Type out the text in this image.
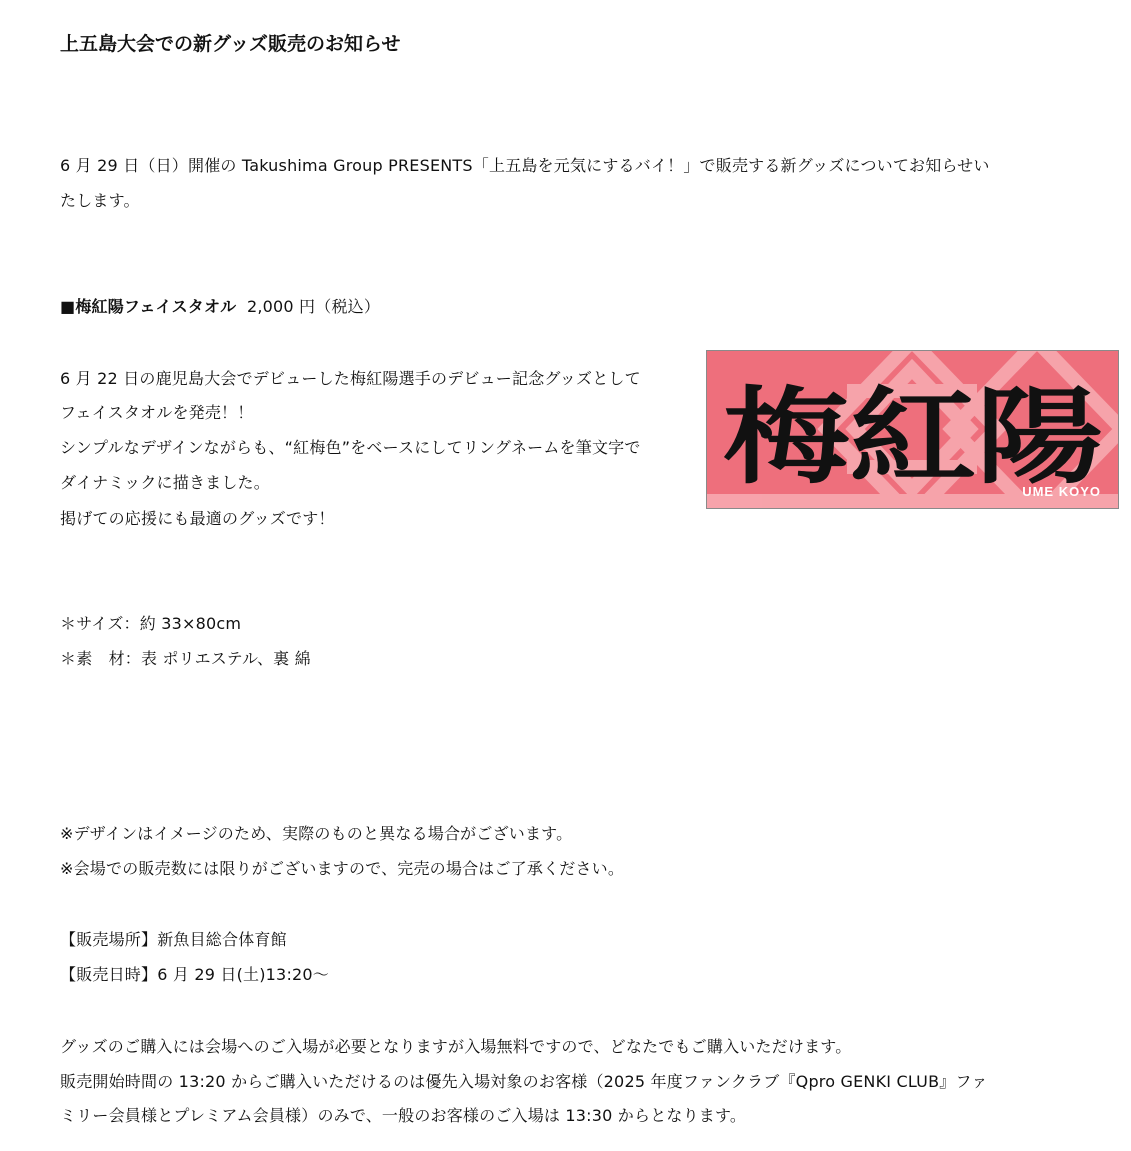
上五島大会での新グッズ販売のお知らせ
6 月 29 日（日）開催の Takushima Group PRESENTS「上五島を元気にするバイ！」で販売する新グッズについてお知らせい
たします。
■梅紅陽フェイスタオル 2,000 円（税込）
6 月 22 日の鹿児島大会でデビューした梅紅陽選手のデビュー記念グッズとして
フェイスタオルを発売！！
シンプルなデザインながらも、“紅梅色”をベースにしてリングネームを筆文字で
ダイナミックに描きました。
掲げての応援にも最適のグッズです！
梅紅陽
UME KOYO
＊サイズ：約 33×80cm
＊素　材：表 ポリエステル、裏 綿
※デザインはイメージのため、実際のものと異なる場合がございます。
※会場での販売数には限りがございますので、完売の場合はご了承ください。
【販売場所】新魚目総合体育館
【販売日時】6 月 29 日(土)13:20～
グッズのご購入には会場へのご入場が必要となりますが入場無料ですので、どなたでもご購入いただけます。
販売開始時間の 13:20 からご購入いただけるのは優先入場対象のお客様（2025 年度ファンクラブ『Qpro GENKI CLUB』ファ
ミリー会員様とプレミアム会員様）のみで、一般のお客様のご入場は 13:30 からとなります。
